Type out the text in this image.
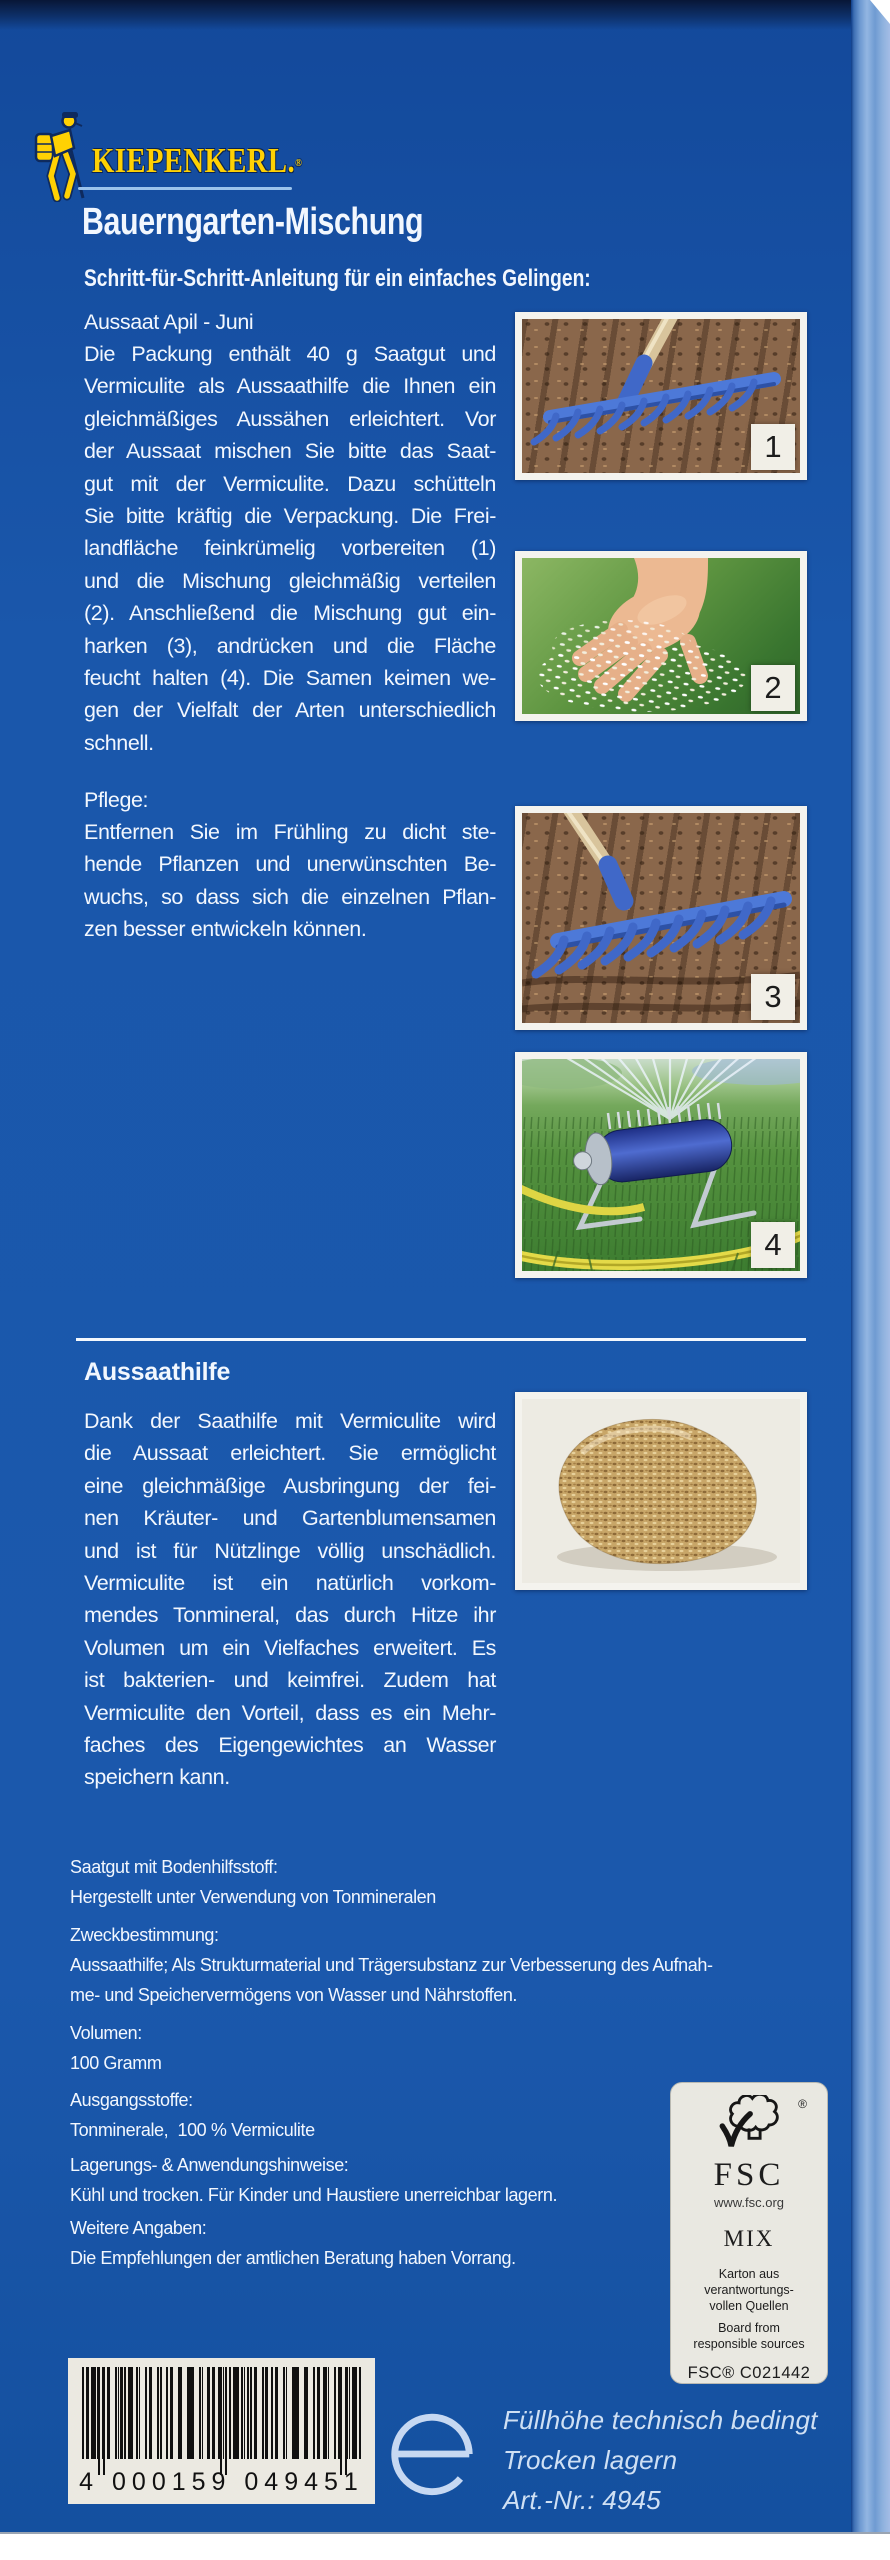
KIEPENKERL.®
Bauerngarten-Mischung
Schritt-für-Schritt-Anleitung für ein einfaches Gelingen:
Aussaat Apil - Juni
Die Packung enthält 40 g Saatgut und
Vermiculite als Aussaathilfe die Ihnen ein
gleichmäßiges Aussähen erleichtert. Vor
der Aussaat mischen Sie bitte das Saat-
gut mit der Vermiculite. Dazu schütteln
Sie bitte kräftig die Verpackung. Die Frei-
landfläche feinkrümelig vorbereiten (1)
und die Mischung gleichmäßig verteilen
(2). Anschließend die Mischung gut ein-
harken (3), andrücken und die Fläche
feucht halten (4). Die Samen keimen we-
gen der Vielfalt der Arten unterschiedlich
schnell.
Pflege:
Entfernen Sie im Frühling zu dicht ste-
hende Pflanzen und unerwünschten Be-
wuchs, so dass sich die einzelnen Pflan-
zen besser entwickeln können.
1
2
3
4
Aussaathilfe
Dank der Saathilfe mit Vermiculite wird
die Aussaat erleichtert. Sie ermöglicht
eine gleichmäßige Ausbringung der fei-
nen Kräuter- und Gartenblumensamen
und ist für Nützlinge völlig unschädlich.
Vermiculite ist ein natürlich vorkom-
mendes Tonmineral, das durch Hitze ihr
Volumen um ein Vielfaches erweitert. Es
ist bakterien- und keimfrei. Zudem hat
Vermiculite den Vorteil, dass es ein Mehr-
faches des Eigengewichtes an Wasser
speichern kann.
Saatgut mit Bodenhilfsstoff:
Hergestellt unter Verwendung von Tonmineralen
Zweckbestimmung:
Aussaathilfe; Als Strukturmaterial und Trägersubstanz zur Verbesserung des Aufnah-
me- und Speichervermögens von Wasser und Nährstoffen.
Volumen:
100 Gramm
Ausgangsstoffe:
Tonminerale,  100 % Vermiculite
Lagerungs- & Anwendungshinweise:
Kühl und trocken. Für Kinder und Haustiere unerreichbar lagern.
Weitere Angaben:
Die Empfehlungen der amtlichen Beratung haben Vorrang.
®
FSC
www.fsc.org
MIX
Karton aus
verantwortungs-
vollen Quellen
Board from
responsible sources
FSC® C021442
4 000159 049451
Füllhöhe technisch bedingt
Trocken lagern
Art.-Nr.: 4945
